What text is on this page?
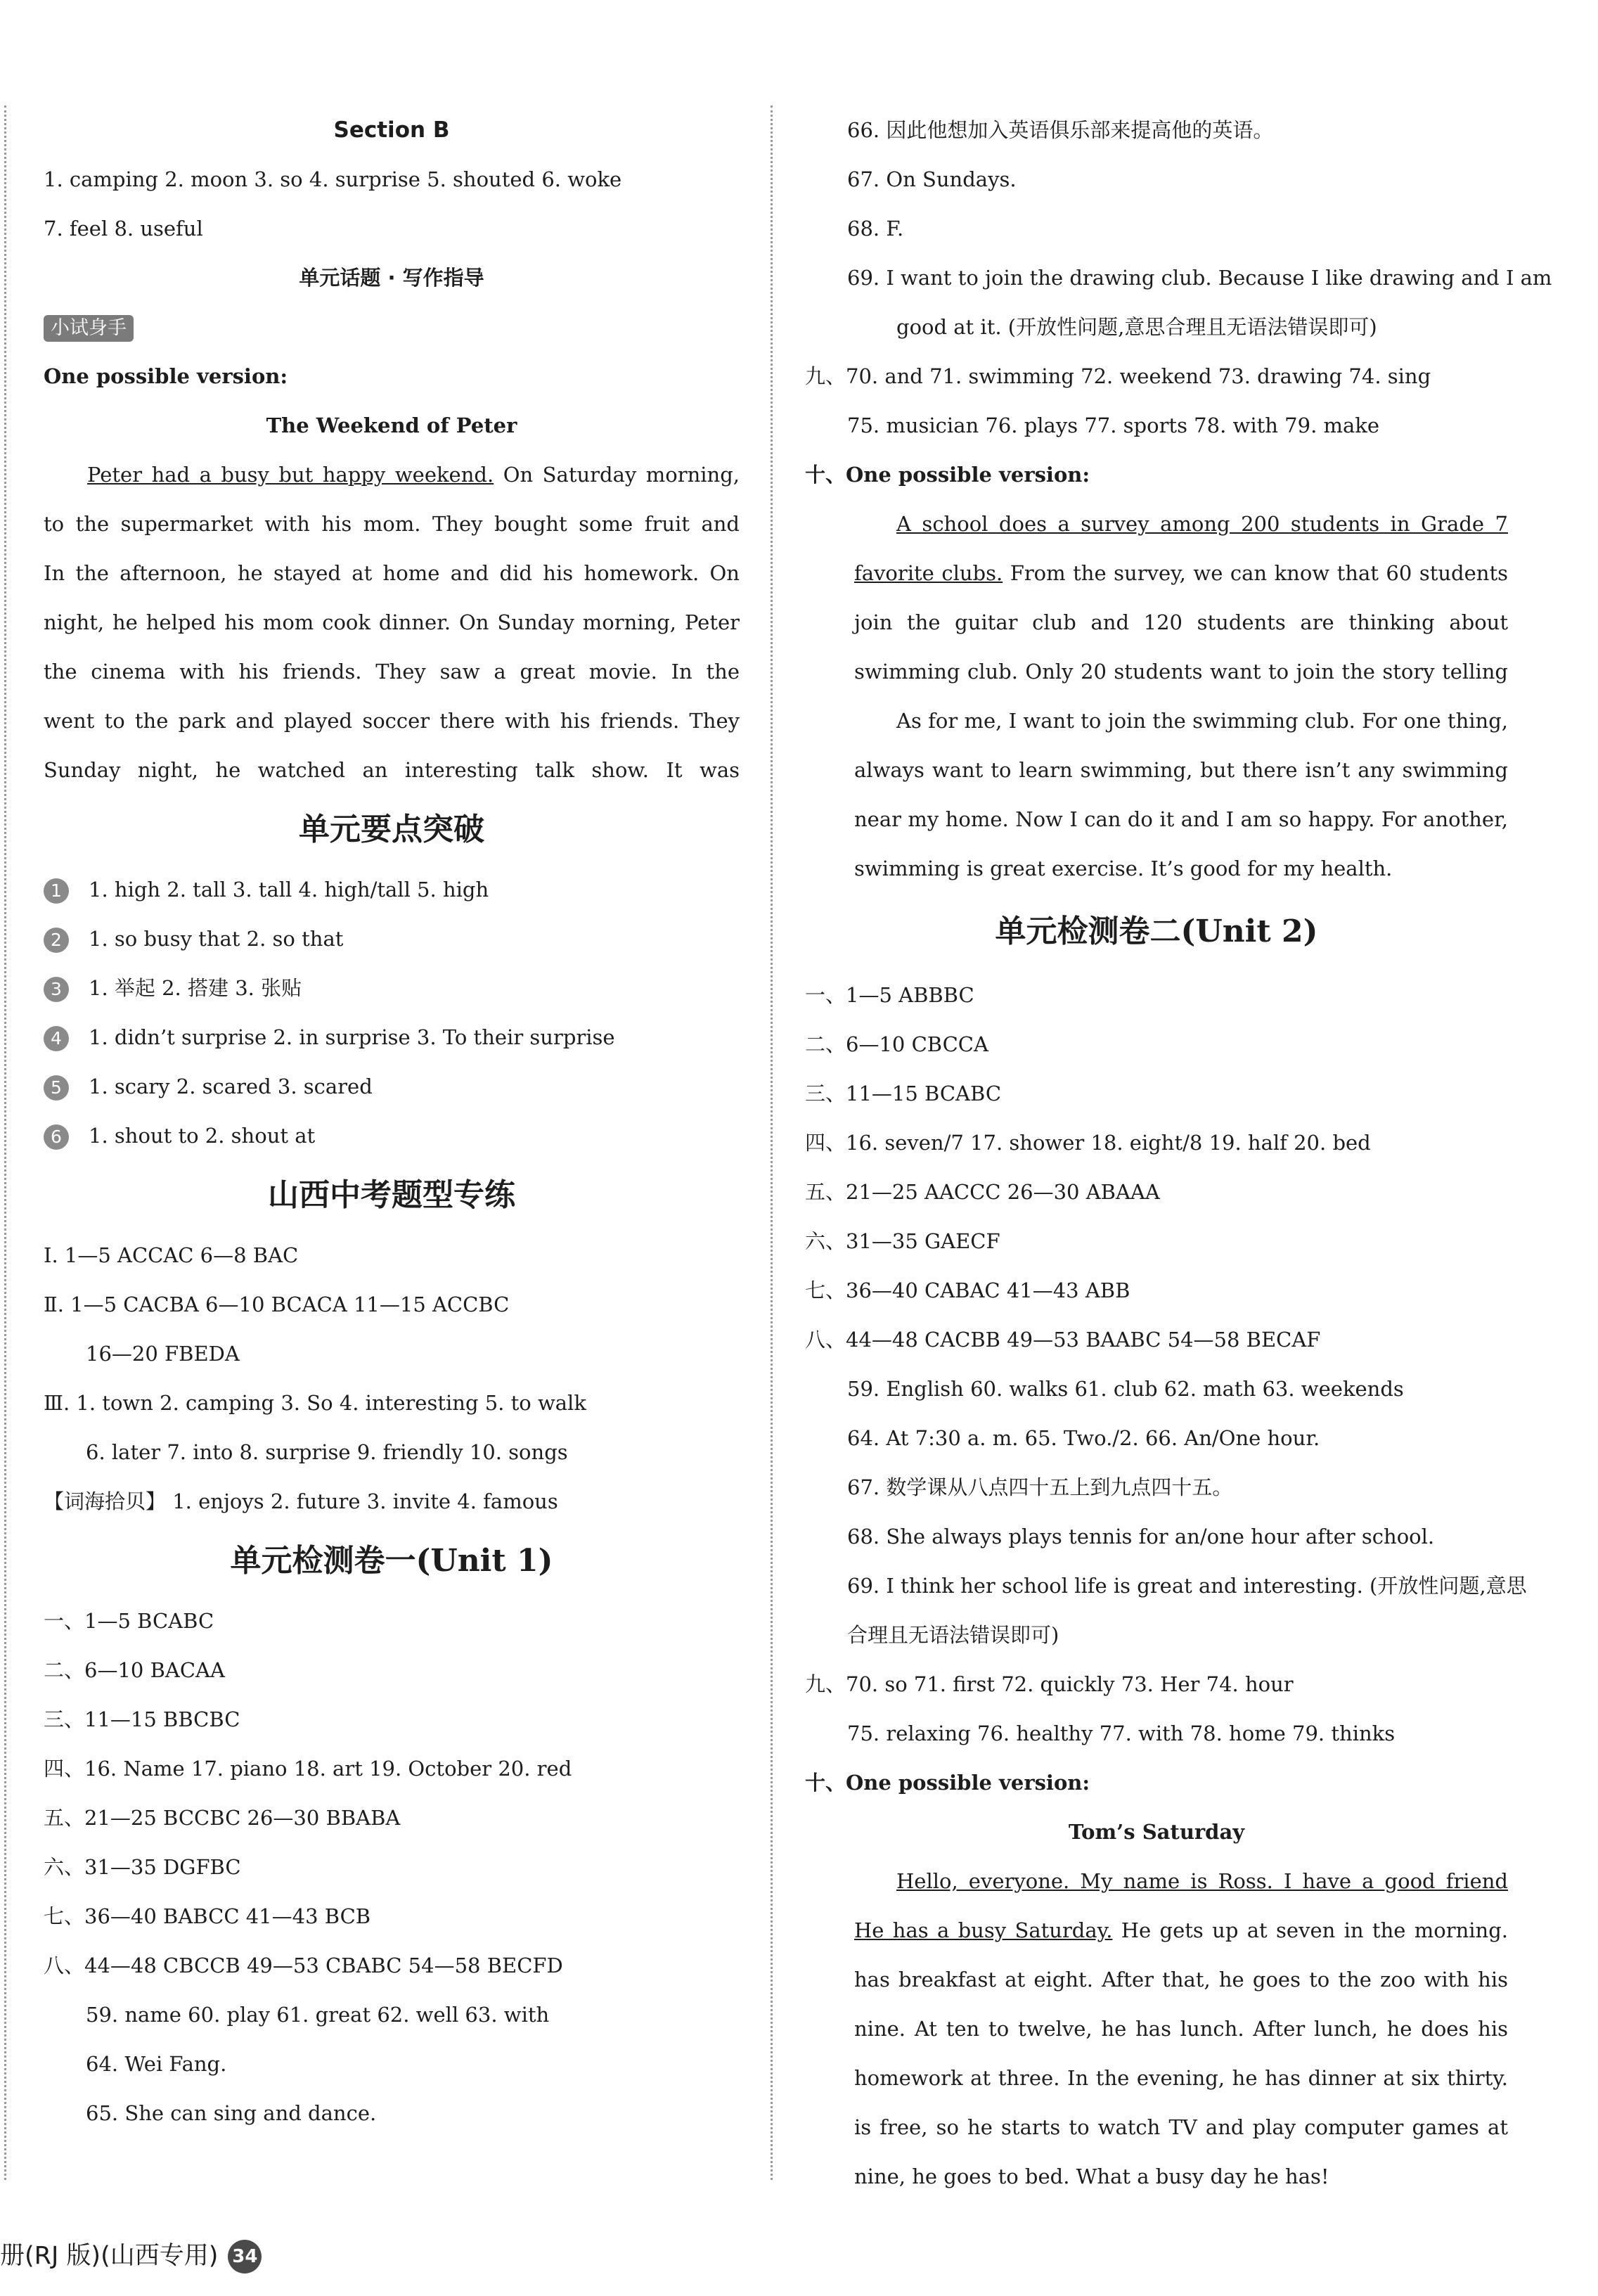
Section B
1. camping 2. moon 3. so 4. surprise 5. shouted 6. woke
7. feel 8. useful
单元话题 · 写作指导
小试身手
One possible version:
The Weekend of Peter
Peter had a busy but happy weekend. On Saturday morning,
to the supermarket with his mom. They bought some fruit and
In the afternoon, he stayed at home and did his homework. On
night, he helped his mom cook dinner. On Sunday morning, Peter
the cinema with his friends. They saw a great movie. In the
went to the park and played soccer there with his friends. They
Sunday night, he watched an interesting talk show. It was
单元要点突破
1 1. high 2. tall 3. tall 4. high/tall 5. high
2 1. so busy that 2. so that
3 1. 举起 2. 搭建 3. 张贴
4 1. didn’t surprise 2. in surprise 3. To their surprise
5 1. scary 2. scared 3. scared
6 1. shout to 2. shout at
山西中考题型专练
Ⅰ. 1—5 ACCAC 6—8 BAC
Ⅱ. 1—5 CACBA 6—10 BCACA 11—15 ACCBC
16—20 FBEDA
Ⅲ. 1. town 2. camping 3. So 4. interesting 5. to walk
6. later 7. into 8. surprise 9. friendly 10. songs
【词海拾贝】 1. enjoys 2. future 3. invite 4. famous
单元检测卷一(Unit 1)
一、1—5 BCABC
二、6—10 BACAA
三、11—15 BBCBC
四、16. Name 17. piano 18. art 19. October 20. red
五、21—25 BCCBC 26—30 BBABA
六、31—35 DGFBC
七、36—40 BABCC 41—43 BCB
八、44—48 CBCCB 49—53 CBABC 54—58 BECFD
59. name 60. play 61. great 62. well 63. with
64. Wei Fang.
65. She can sing and dance.
66. 因此他想加入英语俱乐部来提高他的英语。
67. On Sundays.
68. F.
69. I want to join the drawing club. Because I like drawing and I am
good at it. (开放性问题,意思合理且无语法错误即可)
九、70. and 71. swimming 72. weekend 73. drawing 74. sing
75. musician 76. plays 77. sports 78. with 79. make
十、One possible version:
A school does a survey among 200 students in Grade 7
favorite clubs. From the survey, we can know that 60 students
join the guitar club and 120 students are thinking about
swimming club. Only 20 students want to join the story telling
As for me, I want to join the swimming club. For one thing,
always want to learn swimming, but there isn’t any swimming
near my home. Now I can do it and I am so happy. For another,
swimming is great exercise. It’s good for my health.
单元检测卷二(Unit 2)
一、1—5 ABBBC
二、6—10 CBCCA
三、11—15 BCABC
四、16. seven/7 17. shower 18. eight/8 19. half 20. bed
五、21—25 AACCC 26—30 ABAAA
六、31—35 GAECF
七、36—40 CABAC 41—43 ABB
八、44—48 CACBB 49—53 BAABC 54—58 BECAF
59. English 60. walks 61. club 62. math 63. weekends
64. At 7:30 a. m. 65. Two./2. 66. An/One hour.
67. 数学课从八点四十五上到九点四十五。
68. She always plays tennis for an/one hour after school.
69. I think her school life is great and interesting. (开放性问题,意思
合理且无语法错误即可)
九、70. so 71. first 72. quickly 73. Her 74. hour
75. relaxing 76. healthy 77. with 78. home 79. thinks
十、One possible version:
Tom’s Saturday
Hello, everyone. My name is Ross. I have a good friend
He has a busy Saturday. He gets up at seven in the morning.
has breakfast at eight. After that, he goes to the zoo with his
nine. At ten to twelve, he has lunch. After lunch, he does his
homework at three. In the evening, he has dinner at six thirty.
is free, so he starts to watch TV and play computer games at
nine, he goes to bed. What a busy day he has!
册(RJ 版)(山西专用) 34
